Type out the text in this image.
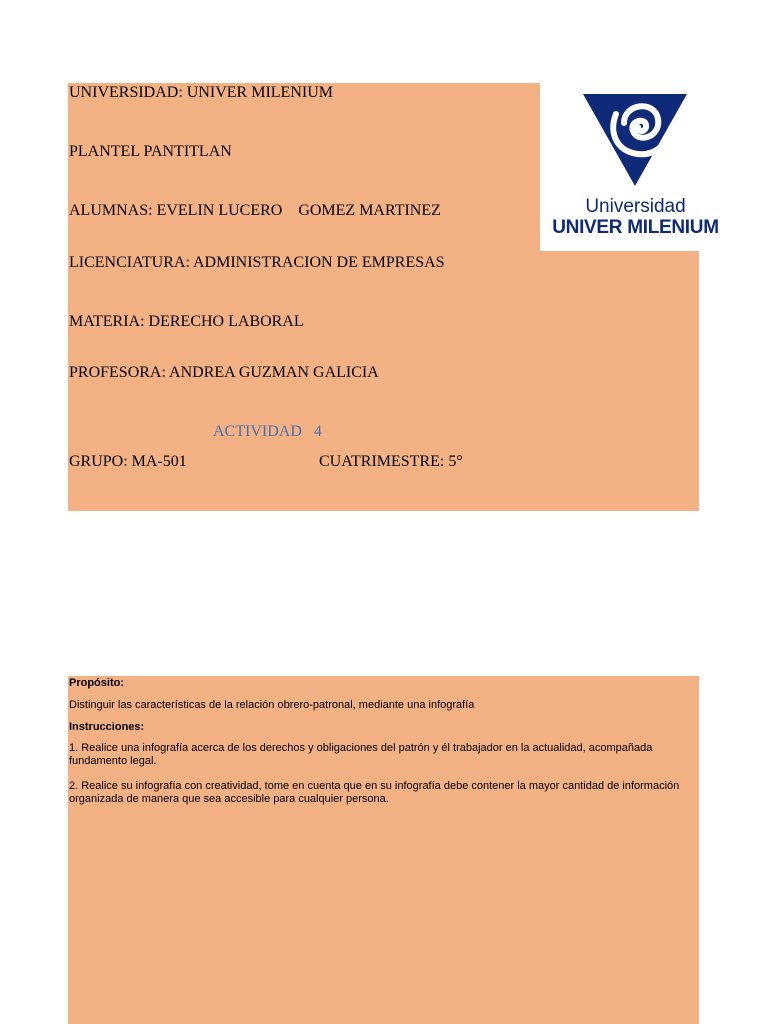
Universidad
UNIVER MILENIUM
UNIVERSIDAD: UNIVER MILENIUM
PLANTEL PANTITLAN
ALUMNAS: EVELIN LUCERO    GOMEZ MARTINEZ
LICENCIATURA: ADMINISTRACION DE EMPRESAS
MATERIA: DERECHO LABORAL
PROFESORA: ANDREA GUZMAN GALICIA
ACTIVIDAD   4
GRUPO: MA-501	CUATRIMESTRE: 5°
Propósito:
Distinguir las características de la relación obrero-patronal, mediante una infografía
Instrucciones:
1. Realice una infografía acerca de los derechos y obligaciones del patrón y él trabajador en la actualidad, acompañada fundamento legal.
2. Realice su infografía con creatividad, tome en cuenta que en su infografía debe contener la mayor cantidad de información organizada de manera que sea accesible para cualquier persona.
